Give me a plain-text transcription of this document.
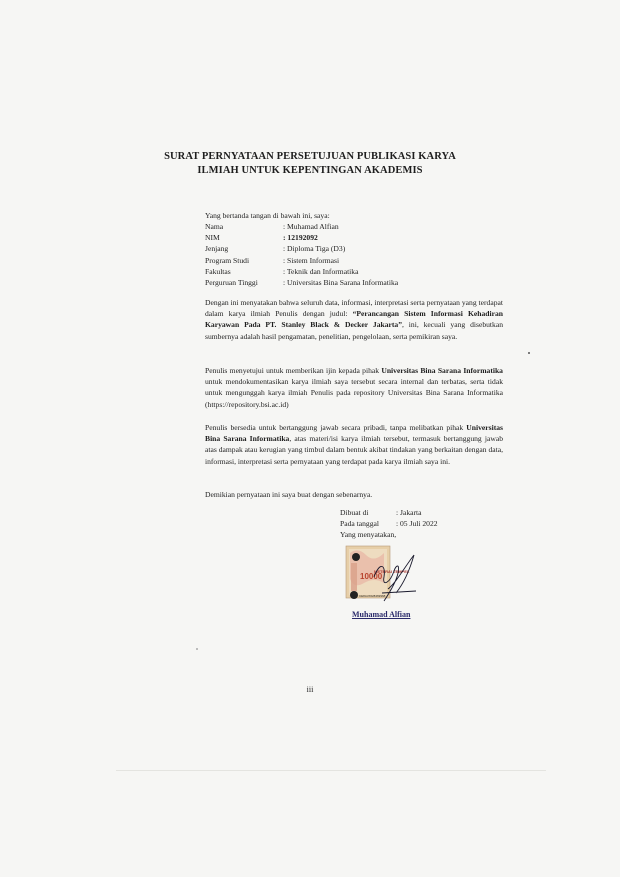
SURAT PERNYATAAN PERSETUJUAN PUBLIKASI KARYA
ILMIAH UNTUK KEPENTINGAN AKADEMIS
Yang bertanda tangan di bawah ini, saya:
Nama	: Muhamad Alfian
NIM	: 12192092
Jenjang	: Diploma Tiga (D3)
Program Studi	: Sistem Informasi
Fakultas	: Teknik dan Informatika
Perguruan Tinggi	: Universitas Bina Sarana Informatika

Dengan ini menyatakan bahwa seluruh data, informasi, interpretasi serta pernyataan yang terdapat dalam karya ilmiah Penulis dengan judul: “Perancangan Sistem Informasi Kehadiran Karyawan Pada PT. Stanley Black & Decker Jakarta”, ini, kecuali yang disebutkan sumbernya adalah hasil pengamatan, penelitian, pengelolaan, serta pemikiran saya.

Penulis menyetujui untuk memberikan ijin kepada pihak Universitas Bina Sarana Informatika untuk mendokumentasikan karya ilmiah saya tersebut secara internal dan terbatas, serta tidak untuk mengunggah karya ilmiah Penulis pada repository Universitas Bina Sarana Informatika (https://repository.bsi.ac.id)

Penulis bersedia untuk bertanggung jawab secara pribadi, tanpa melibatkan pihak Universitas Bina Sarana Informatika, atas materi/isi karya ilmiah tersebut, termasuk bertanggung jawab atas dampak atau kerugian yang timbul dalam bentuk akibat tindakan yang berkaitan dengan data, informasi, interpretasi serta pernyataan yang terdapat pada karya ilmiah saya ini.

Demikian pernyataan ini saya buat dengan sebenarnya.

Dibuat di	: Jakarta
Pada tanggal	: 05 Juli 2022
Yang menyatakan,
10000
METERAI TEMPEL
CE8AJX628469968
Muhamad Alfian
iii
